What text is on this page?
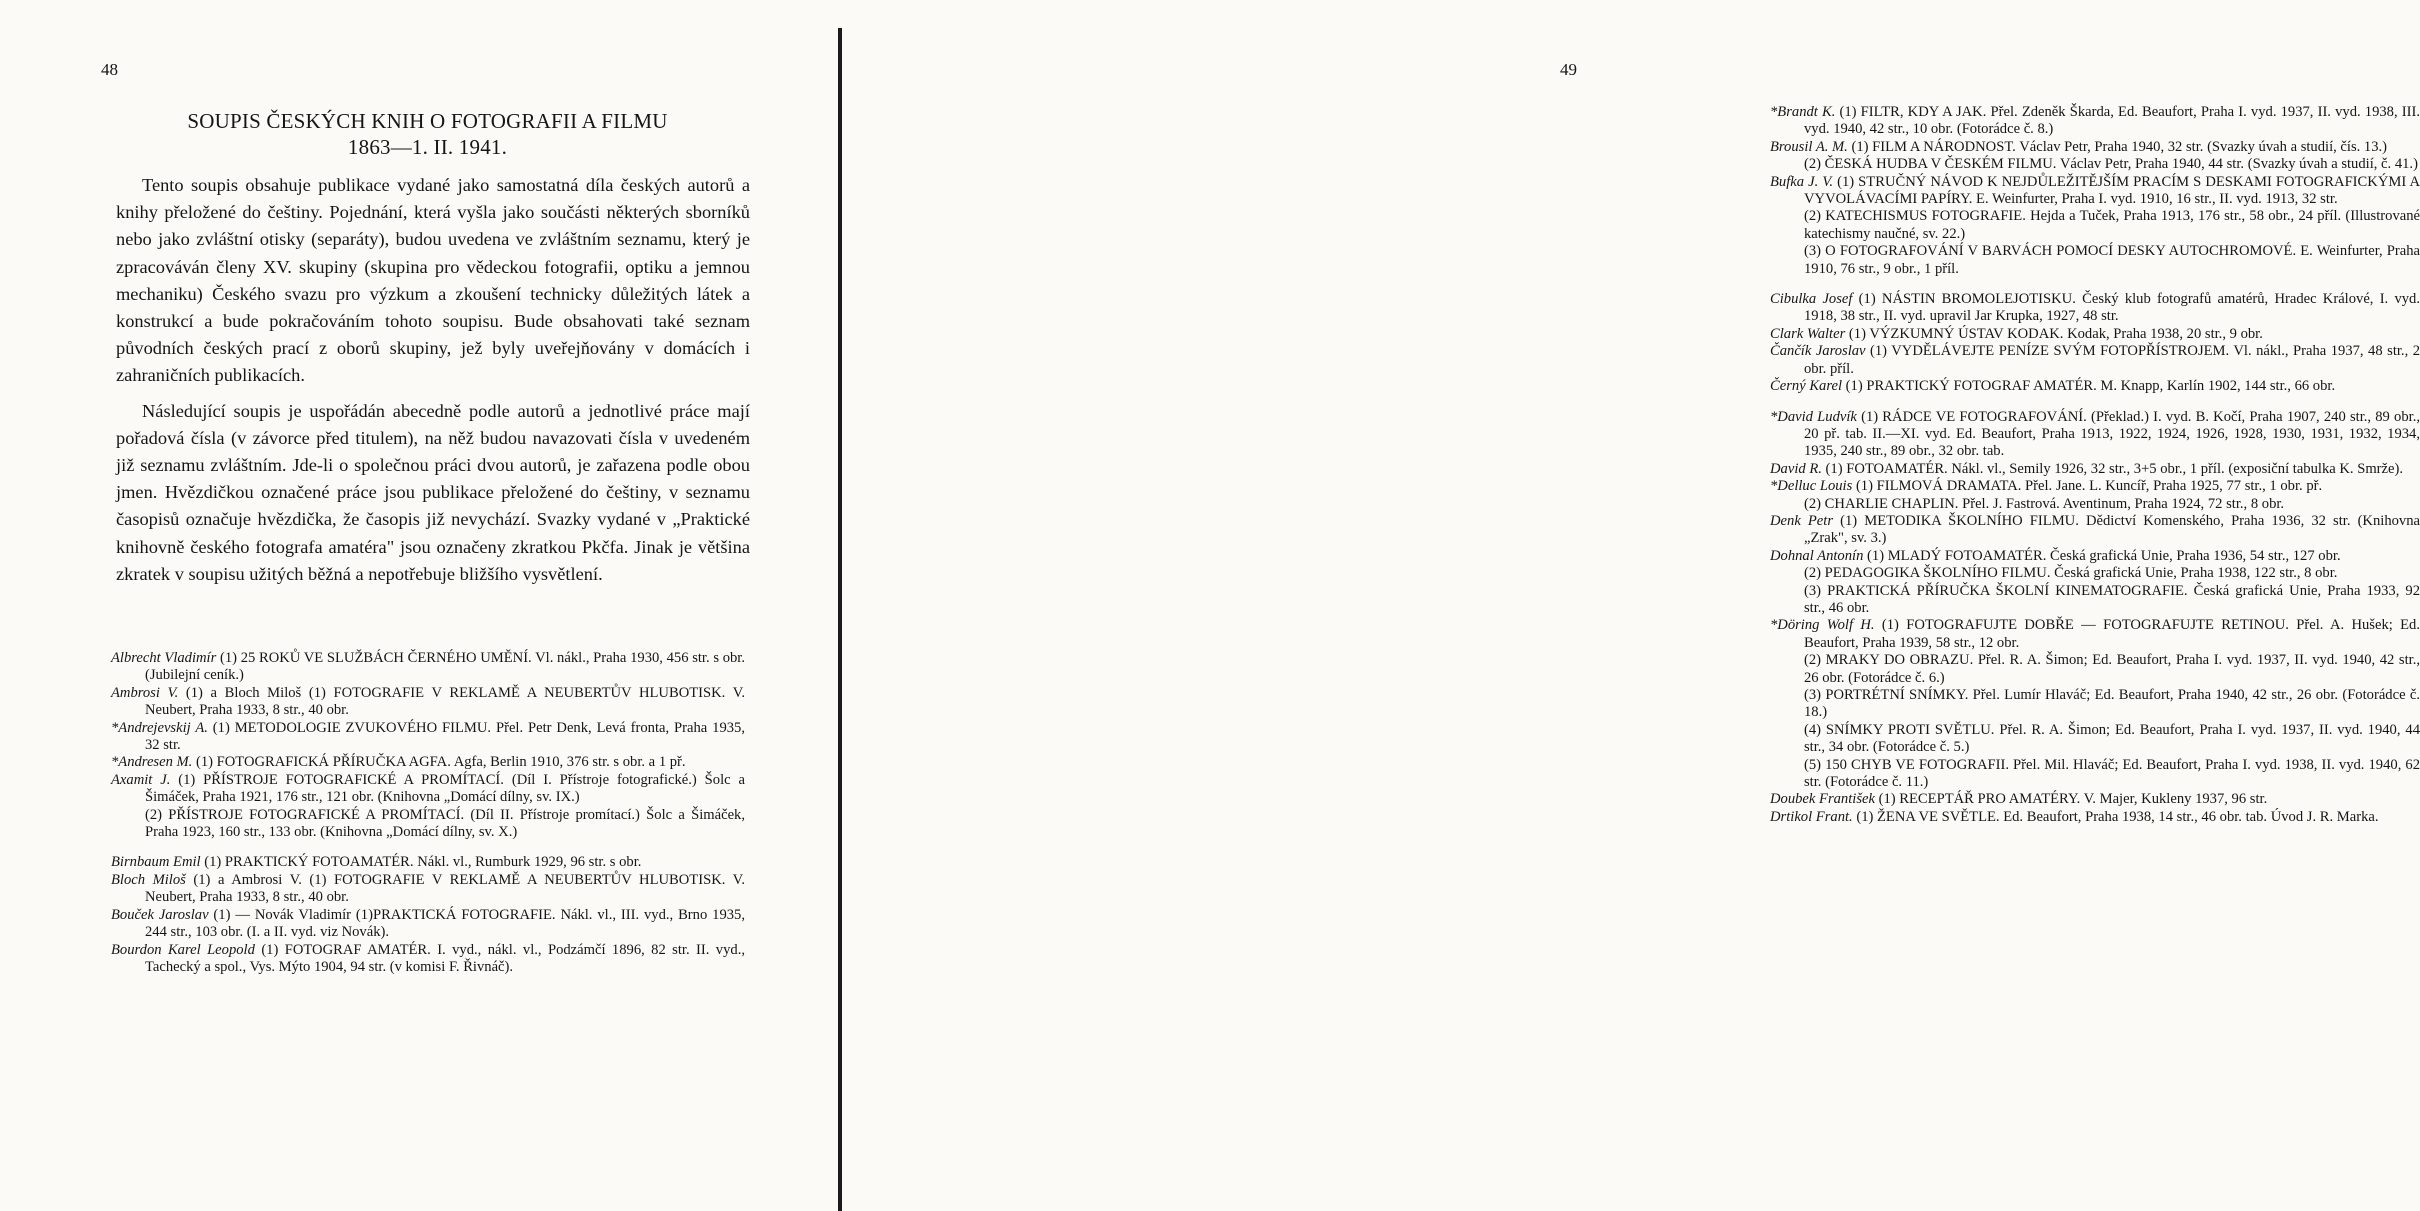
48
SOUPIS ČESKÝCH KNIH O FOTOGRAFII A FILMU
1863—1. II. 1941.

Tento soupis obsahuje publikace vydané jako samostatná díla českých autorů a knihy přeložené do češtiny. Pojednání, která vyšla jako součásti některých sborníků nebo jako zvláštní otisky (separáty), budou uvedena ve zvláštním seznamu, který je zpracováván členy XV. skupiny (skupina pro vědeckou fotografii, optiku a jemnou mechaniku) Českého svazu pro výzkum a zkoušení technicky důležitých látek a konstrukcí a bude pokračováním tohoto soupisu. Bude obsahovati také seznam původních českých prací z oborů skupiny, jež byly uveřejňovány v domácích i zahraničních publikacích.

Následující soupis je uspořádán abecedně podle autorů a jednotlivé práce mají pořadová čísla (v závorce před titulem), na něž budou navazovati čísla v uvedeném již seznamu zvláštním. Jde-li o společnou práci dvou autorů, je zařazena podle obou jmen. Hvězdičkou označené práce jsou publikace přeložené do češtiny, v seznamu časopisů označuje hvězdička, že časopis již nevychází. Svazky vydané v „Praktické knihovně českého fotografa amatéra" jsou označeny zkratkou Pkčfa. Jinak je většina zkratek v soupisu užitých běžná a nepotřebuje bližšího vysvětlení.

Albrecht Vladimír (1) 25 ROKŮ VE SLUŽBÁCH ČERNÉHO UMĚNÍ. Vl. nákl., Praha 1930, 456 str. s obr. (Jubilejní ceník.)

Ambrosi V. (1) a Bloch Miloš (1) FOTOGRAFIE V REKLAMĚ A NEUBERTŮV HLUBOTISK. V. Neubert, Praha 1933, 8 str., 40 obr.

*Andrejevskij A. (1) METODOLOGIE ZVUKOVÉHO FILMU. Přel. Petr Denk, Levá fronta, Praha 1935, 32 str.

*Andresen M. (1) FOTOGRAFICKÁ PŘÍRUČKA AGFA. Agfa, Berlin 1910, 376 str. s obr. a 1 př.

Axamit J. (1) PŘÍSTROJE FOTOGRAFICKÉ A PROMÍTACÍ. (Díl I. Přístroje fotografické.) Šolc a Šimáček, Praha 1921, 176 str., 121 obr. (Knihovna „Domácí dílny, sv. IX.)

(2) PŘÍSTROJE FOTOGRAFICKÉ A PROMÍTACÍ. (Díl II. Přístroje promítací.) Šolc a Šimáček, Praha 1923, 160 str., 133 obr. (Knihovna „Domácí dílny, sv. X.)

Birnbaum Emil (1) PRAKTICKÝ FOTOAMATÉR. Nákl. vl., Rumburk 1929, 96 str. s obr.

Bloch Miloš (1) a Ambrosi V. (1) FOTOGRAFIE V REKLAMĚ A NEUBERTŮV HLUBOTISK. V. Neubert, Praha 1933, 8 str., 40 obr.

Bouček Jaroslav (1) — Novák Vladimír (1)PRAKTICKÁ FOTOGRAFIE. Nákl. vl., III. vyd., Brno 1935, 244 str., 103 obr. (I. a II. vyd. viz Novák).

Bourdon Karel Leopold (1) FOTOGRAF AMATÉR. I. vyd., nákl. vl., Podzámčí 1896, 82 str. II. vyd., Tachecký a spol., Vys. Mýto 1904, 94 str. (v komisi F. Řivnáč).

49

*Brandt K. (1) FILTR, KDY A JAK. Přel. Zdeněk Škarda, Ed. Beaufort, Praha I. vyd. 1937, II. vyd. 1938, III. vyd. 1940, 42 str., 10 obr. (Fotorádce č. 8.)

Brousil A. M. (1) FILM A NÁRODNOST. Václav Petr, Praha 1940, 32 str. (Svazky úvah a studií, čís. 13.)

(2) ČESKÁ HUDBA V ČESKÉM FILMU. Václav Petr, Praha 1940, 44 str. (Svazky úvah a studií, č. 41.)

Bufka J. V. (1) STRUČNÝ NÁVOD K NEJDŮLEŽITĚJŠÍM PRACÍM S DESKAMI FOTOGRAFICKÝMI A VYVOLÁVACÍMI PAPÍRY. E. Weinfurter, Praha I. vyd. 1910, 16 str., II. vyd. 1913, 32 str.

(2) KATECHISMUS FOTOGRAFIE. Hejda a Tuček, Praha 1913, 176 str., 58 obr., 24 příl. (Illustrované katechismy naučné, sv. 22.)

(3) O FOTOGRAFOVÁNÍ V BARVÁCH POMOCÍ DESKY AUTOCHROMOVÉ. E. Weinfurter, Praha 1910, 76 str., 9 obr., 1 příl.

Cibulka Josef (1) NÁSTIN BROMOLEJOTISKU. Český klub fotografů amatérů, Hradec Králové, I. vyd. 1918, 38 str., II. vyd. upravil Jar Krupka, 1927, 48 str.

Clark Walter (1) VÝZKUMNÝ ÚSTAV KODAK. Kodak, Praha 1938, 20 str., 9 obr.

Čančík Jaroslav (1) VYDĚLÁVEJTE PENÍZE SVÝM FOTOPŘÍSTROJEM. Vl. nákl., Praha 1937, 48 str., 2 obr. příl.

Černý Karel (1) PRAKTICKÝ FOTOGRAF AMATÉR. M. Knapp, Karlín 1902, 144 str., 66 obr.

*David Ludvík (1) RÁDCE VE FOTOGRAFOVÁNÍ. (Překlad.) I. vyd. B. Kočí, Praha 1907, 240 str., 89 obr., 20 př. tab. II.—XI. vyd. Ed. Beaufort, Praha 1913, 1922, 1924, 1926, 1928, 1930, 1931, 1932, 1934, 1935, 240 str., 89 obr., 32 obr. tab.

David R. (1) FOTOAMATÉR. Nákl. vl., Semily 1926, 32 str., 3+5 obr., 1 příl. (exposiční tabulka K. Smrže).

*Delluc Louis (1) FILMOVÁ DRAMATA. Přel. Jane. L. Kuncíř, Praha 1925, 77 str., 1 obr. př.

(2) CHARLIE CHAPLIN. Přel. J. Fastrová. Aventinum, Praha 1924, 72 str., 8 obr.

Denk Petr (1) METODIKA ŠKOLNÍHO FILMU. Dědictví Komenského, Praha 1936, 32 str. (Knihovna „Zrak", sv. 3.)

Dohnal Antonín (1) MLADÝ FOTOAMATÉR. Česká grafická Unie, Praha 1936, 54 str., 127 obr.

(2) PEDAGOGIKA ŠKOLNÍHO FILMU. Česká grafická Unie, Praha 1938, 122 str., 8 obr.

(3) PRAKTICKÁ PŘÍRUČKA ŠKOLNÍ KINEMATOGRAFIE. Česká grafická Unie, Praha 1933, 92 str., 46 obr.

*Döring Wolf H. (1) FOTOGRAFUJTE DOBŘE — FOTOGRAFUJTE RETINOU. Přel. A. Hušek; Ed. Beaufort, Praha 1939, 58 str., 12 obr.

(2) MRAKY DO OBRAZU. Přel. R. A. Šimon; Ed. Beaufort, Praha I. vyd. 1937, II. vyd. 1940, 42 str., 26 obr. (Fotorádce č. 6.)

(3) PORTRÉTNÍ SNÍMKY. Přel. Lumír Hlaváč; Ed. Beaufort, Praha 1940, 42 str., 26 obr. (Fotorádce č. 18.)

(4) SNÍMKY PROTI SVĚTLU. Přel. R. A. Šimon; Ed. Beaufort, Praha I. vyd. 1937, II. vyd. 1940, 44 str., 34 obr. (Fotorádce č. 5.)

(5) 150 CHYB VE FOTOGRAFII. Přel. Mil. Hlaváč; Ed. Beaufort, Praha I. vyd. 1938, II. vyd. 1940, 62 str. (Fotorádce č. 11.)

Doubek František (1) RECEPTÁŘ PRO AMATÉRY. V. Majer, Kukleny 1937, 96 str.

Drtikol Frant. (1) ŽENA VE SVĚTLE. Ed. Beaufort, Praha 1938, 14 str., 46 obr. tab. Úvod J. R. Marka.
